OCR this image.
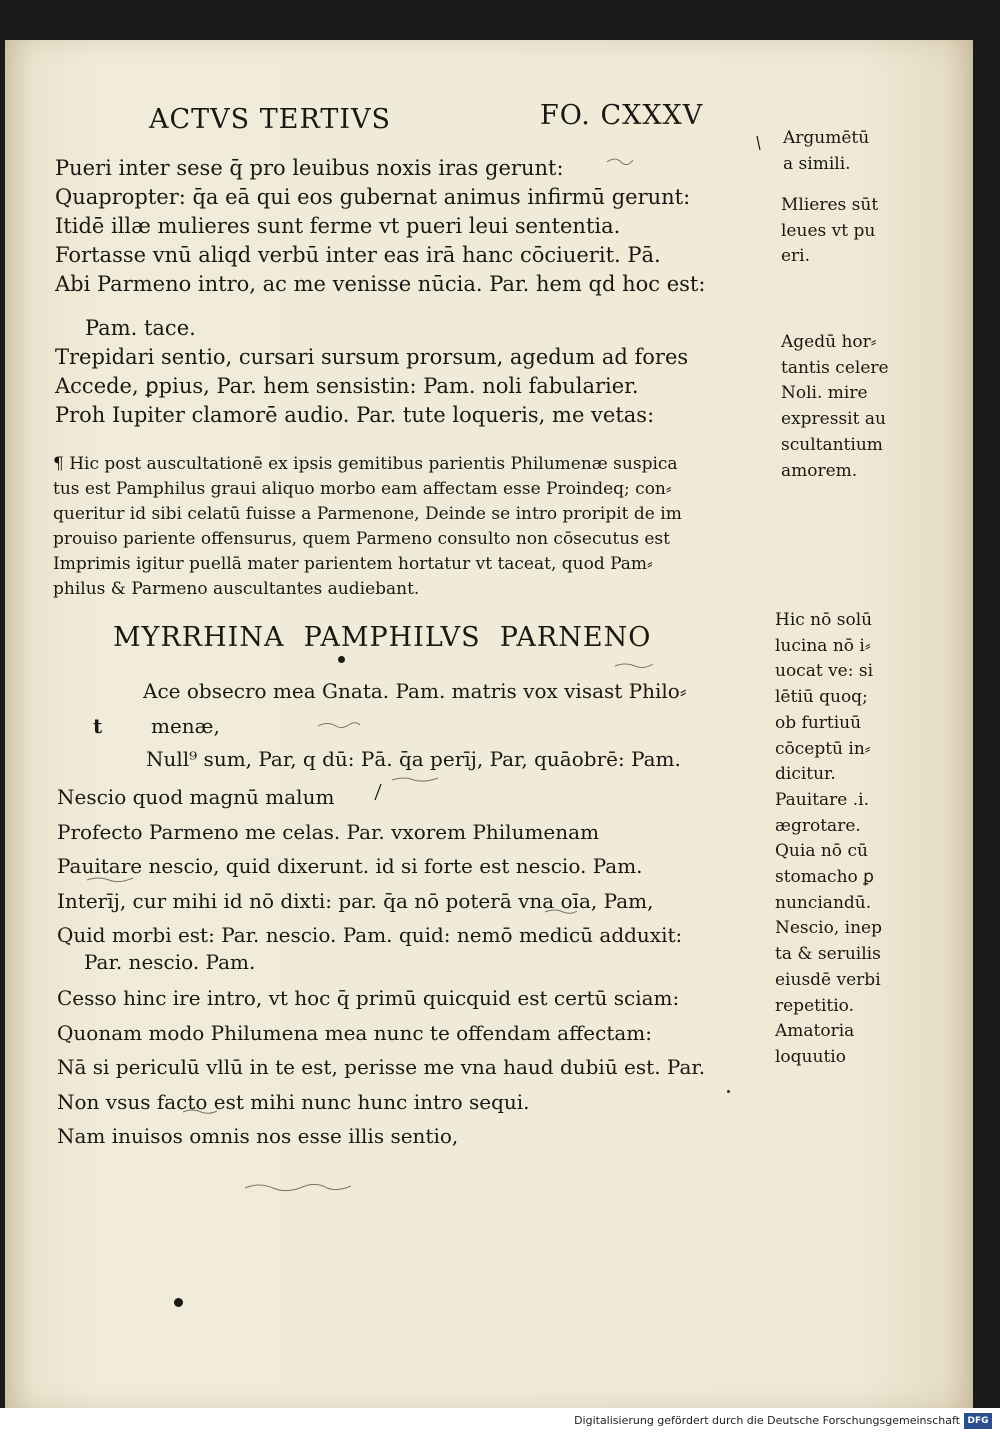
ACTVS TERTIVS	FO. CXXXV
Pueri inter sese q̄ pro leuibus noxis iras gerunt:
Quapropter: q̄a eā qui eos gubernat animus infirmū gerunt:
Itidē illæ mulieres sunt ferme vt pueri leui sententia.
Fortasse vnū aliqd verbū inter eas irā hanc cōciuerit. Pā.
Abi Parmeno intro, ac me venisse nūcia. Par. hem qd hoc est:
Pam. tace.
Trepidari sentio, cursari sursum prorsum, agedum ad fores
Accede, ꝑpius, Par. hem sensistin: Pam. noli fabularier.
Proh Iupiter clamorē audio. Par. tute loqueris, me vetas:
¶ Hic post auscultationē ex ipsis gemitibus parientis Philumenæ suspica
tus est Pamphilus graui aliquo morbo eam affectam esse Proindeq; con⸗
queritur id sibi celatū fuisse a Parmenone, Deinde se intro proripit de im
prouiso pariente offensurus, quem Parmeno consulto non cōsecutus est
Imprimis igitur puellā mater parientem hortatur vt taceat, quod Pam⸗
philus & Parmeno auscultantes audiebant.
MYRRHINA  PAMPHILVS  PARNENO
t
Ace obsecro mea Gnata. Pam. matris vox visast Philo⸗
menæ,
Null⁹ sum, Par, q dū: Pā. q̄a perīj, Par, quāobrē: Pam.
Nescio quod magnū malum
Profecto Parmeno me celas. Par. vxorem Philumenam
Pauitare nescio, quid dixerunt. id si forte est nescio. Pam.
Interīj, cur mihi id nō dixti: par. q̄a nō poterā vna oīa, Pam,
Quid morbi est: Par. nescio. Pam. quid: nemō medicū adduxit:
Par. nescio. Pam.
Cesso hinc ire intro, vt hoc q̄ primū quicquid est certū sciam:
Quonam modo Philumena mea nunc te offendam affectam:
Nā si periculū vllū in te est, perisse me vna haud dubiū est. Par.
Non vsus facto est mihi nunc hunc intro sequi.
Nam inuisos omnis nos esse illis sentio,
Argumētū
a simili.
Mlieres sūt
leues vt pu
eri.
Agedū hor⸗
tantis celere
Noli. mire
expressit au
scultantium
amorem.
Hic nō solū
lucina nō i⸗
uocat ve: si
lētiū quoq;
ob furtiuū
cōceptū in⸗
dicitur.
Pauitare .i.
ægrotare.
Quia nō cū
stomacho ꝑ
nunciandū.
Nescio, inep
ta & seruilis
eiusdē verbi
repetitio.
Amatoria
loquutio
Digitalisierung gefördert durch die Deutsche Forschungsgemeinschaft DFG
